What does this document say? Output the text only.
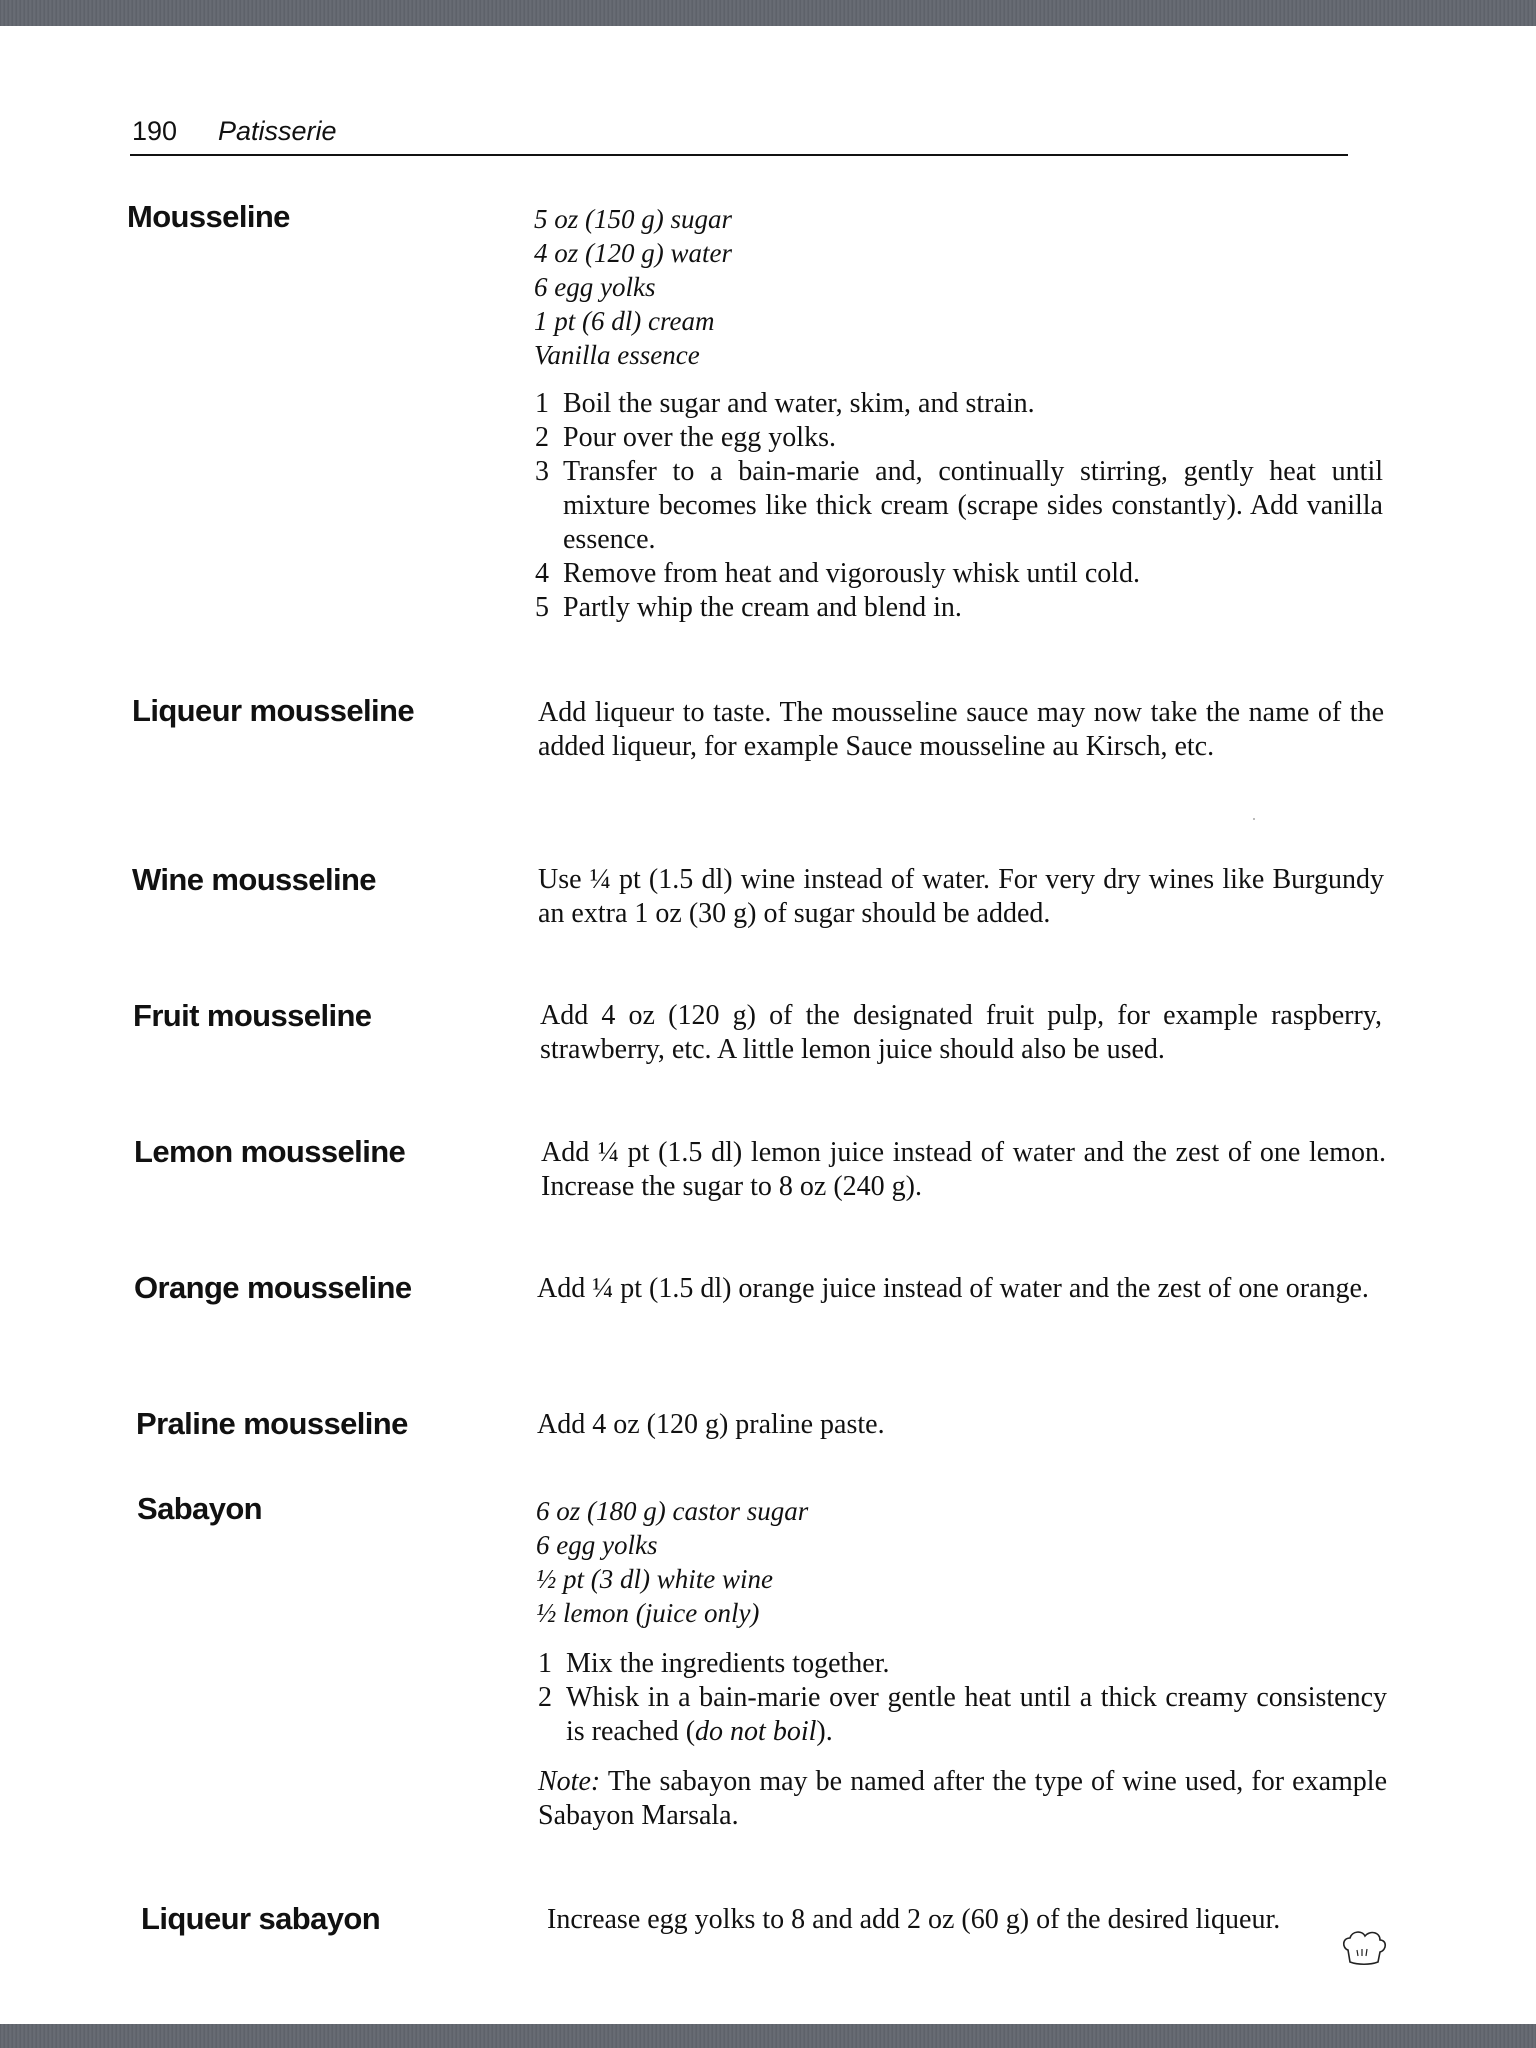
190 Patisserie
Mousseline	5 oz (150 g) sugar
4 oz (120 g) water
6 egg yolks
1 pt (6 dl) cream
Vanilla essence
1 Boil the sugar and water, skim, and strain.
2 Pour over the egg yolks.
3 Transfer to a bain-marie and, continually stirring, gently heat until mixture becomes like thick cream (scrape sides constantly). Add vanilla essence.
4 Remove from heat and vigorously whisk until cold.
5 Partly whip the cream and blend in.
Liqueur mousseline	Add liqueur to taste. The mousseline sauce may now take the name of the added liqueur, for example Sauce mousseline au Kirsch, etc.
Wine mousseline	Use ¼ pt (1.5 dl) wine instead of water. For very dry wines like Burgundy an extra 1 oz (30 g) of sugar should be added.
Fruit mousseline	Add 4 oz (120 g) of the designated fruit pulp, for example raspberry, strawberry, etc. A little lemon juice should also be used.
Lemon mousseline	Add ¼ pt (1.5 dl) lemon juice instead of water and the zest of one lemon. Increase the sugar to 8 oz (240 g).
Orange mousseline	Add ¼ pt (1.5 dl) orange juice instead of water and the zest of one orange.
Praline mousseline	Add 4 oz (120 g) praline paste.
Sabayon	6 oz (180 g) castor sugar
6 egg yolks
½ pt (3 dl) white wine
½ lemon (juice only)
1 Mix the ingredients together.
2 Whisk in a bain-marie over gentle heat until a thick creamy consistency is reached (do not boil).
Note: The sabayon may be named after the type of wine used, for example Sabayon Marsala.
Liqueur sabayon	Increase egg yolks to 8 and add 2 oz (60 g) of the desired liqueur.
